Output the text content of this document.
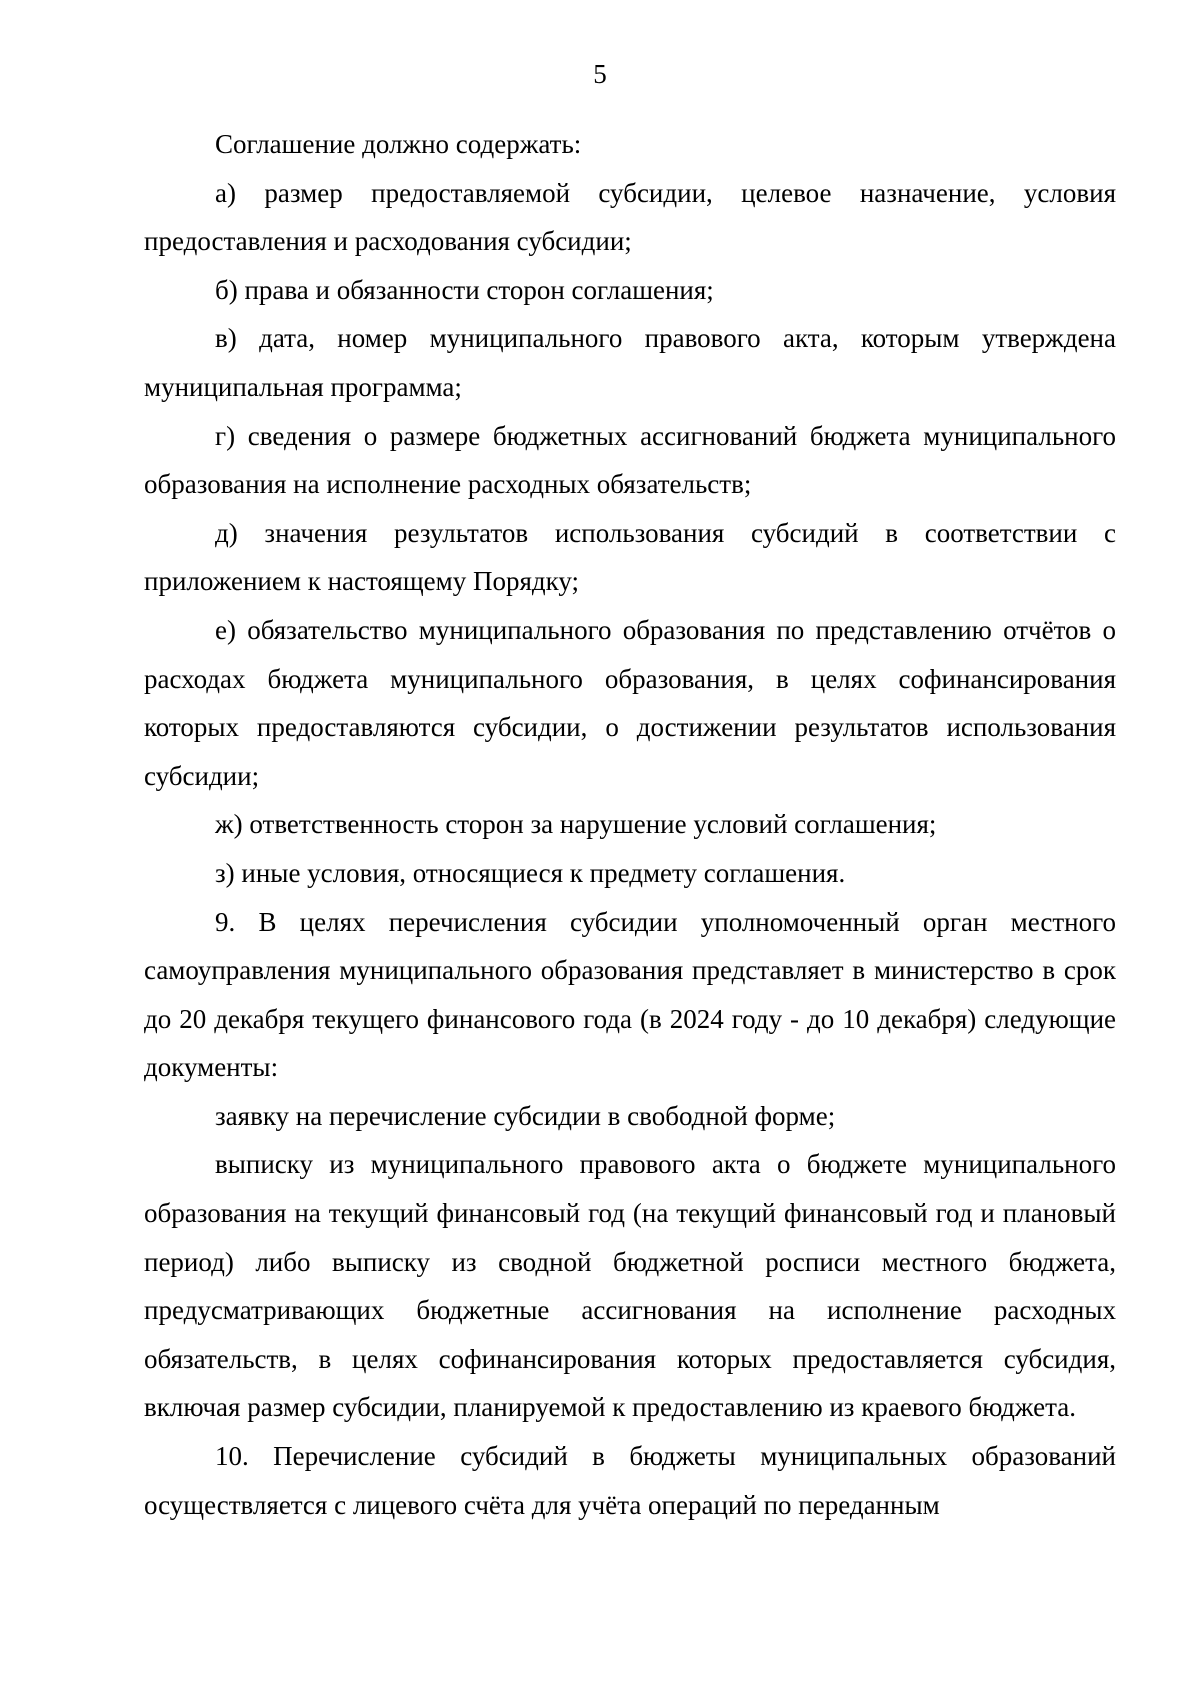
5

Соглашение должно содержать:

а) размер предоставляемой субсидии, целевое назначение, условия предоставления и расходования субсидии;

б) права и обязанности сторон соглашения;

в) дата, номер муниципального правового акта, которым утверждена муниципальная программа;

г) сведения о размере бюджетных ассигнований бюджета муниципального образования на исполнение расходных обязательств;

д) значения результатов использования субсидий в соответствии с приложением к настоящему Порядку;

е) обязательство муниципального образования по представлению отчётов о расходах бюджета муниципального образования, в целях софинансирования которых предоставляются субсидии, о достижении результатов использования субсидии;

ж) ответственность сторон за нарушение условий соглашения;

з) иные условия, относящиеся к предмету соглашения.

9. В целях перечисления субсидии уполномоченный орган местного самоуправления муниципального образования представляет в министерство в срок до 20 декабря текущего финансового года (в 2024 году - до 10 декабря) следующие документы:

заявку на перечисление субсидии в свободной форме;

выписку из муниципального правового акта о бюджете муниципального образования на текущий финансовый год (на текущий финансовый год и плановый период) либо выписку из сводной бюджетной росписи местного бюджета, предусматривающих бюджетные ассигнования на исполнение расходных обязательств, в целях софинансирования которых предоставляется субсидия, включая размер субсидии, планируемой к предоставлению из краевого бюджета.

10. Перечисление субсидий в бюджеты муниципальных образований осуществляется с лицевого счёта для учёта операций по переданным
